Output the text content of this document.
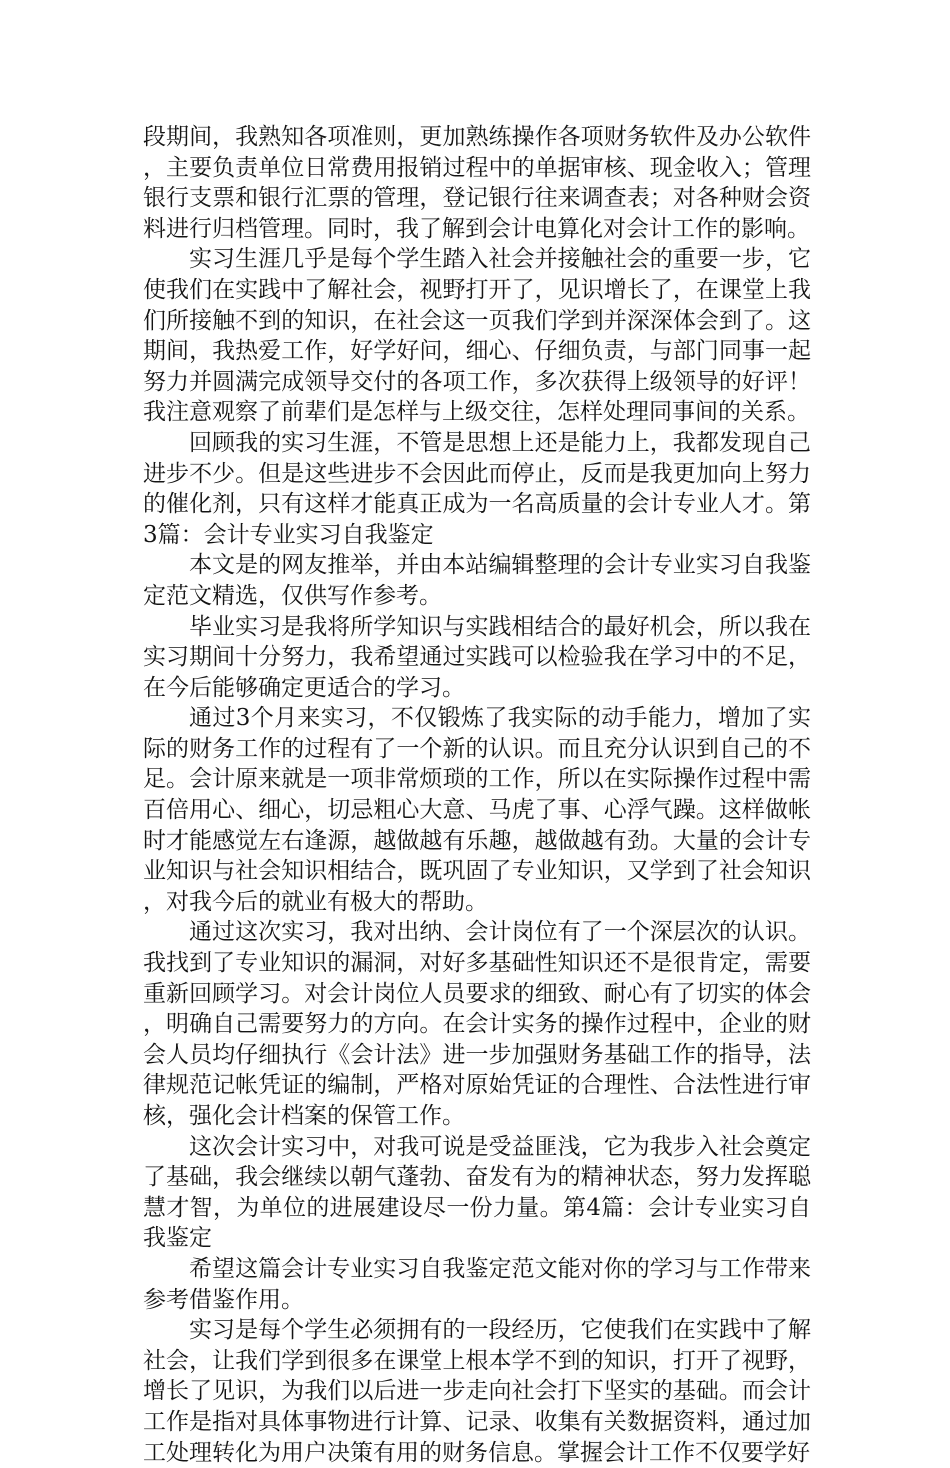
段期间，我熟知各项准则，更加熟练操作各项财务软件及办公软件，主要负责单位日常费用报销过程中的单据审核、现金收入；管理银行支票和银行汇票的管理，登记银行往来调查表；对各种财会资料进行归档管理。同时，我了解到会计电算化对会计工作的影响。

实习生涯几乎是每个学生踏入社会并接触社会的重要一步，它使我们在实践中了解社会，视野打开了，见识增长了，在课堂上我们所接触不到的知识，在社会这一页我们学到并深深体会到了。这期间，我热爱工作，好学好问，细心、仔细负责，与部门同事一起努力并圆满完成领导交付的各项工作，多次获得上级领导的好评！我注意观察了前辈们是怎样与上级交往，怎样处理同事间的关系。

回顾我的实习生涯，不管是思想上还是能力上，我都发现自己进步不少。但是这些进步不会因此而停止，反而是我更加向上努力的催化剂，只有这样才能真正成为一名高质量的会计专业人才。第3篇：会计专业实习自我鉴定

本文是的网友推举，并由本站编辑整理的会计专业实习自我鉴定范文精选，仅供写作参考。

毕业实习是我将所学知识与实践相结合的最好机会，所以我在实习期间十分努力，我希望通过实践可以检验我在学习中的不足，在今后能够确定更适合的学习。

通过3个月来实习，不仅锻炼了我实际的动手能力，增加了实际的财务工作的过程有了一个新的认识。而且充分认识到自己的不足。会计原来就是一项非常烦琐的工作，所以在实际操作过程中需百倍用心、细心，切忌粗心大意、马虎了事、心浮气躁。这样做帐时才能感觉左右逢源，越做越有乐趣，越做越有劲。大量的会计专业知识与社会知识相结合，既巩固了专业知识，又学到了社会知识，对我今后的就业有极大的帮助。

通过这次实习，我对出纳、会计岗位有了一个深层次的认识。我找到了专业知识的漏洞，对好多基础性知识还不是很肯定，需要重新回顾学习。对会计岗位人员要求的细致、耐心有了切实的体会，明确自己需要努力的方向。在会计实务的操作过程中，企业的财会人员均仔细执行《会计法》进一步加强财务基础工作的指导，法律规范记帐凭证的编制，严格对原始凭证的合理性、合法性进行审核，强化会计档案的保管工作。

这次会计实习中，对我可说是受益匪浅，它为我步入社会奠定了基础，我会继续以朝气蓬勃、奋发有为的精神状态，努力发挥聪慧才智，为单位的进展建设尽一份力量。第4篇：会计专业实习自我鉴定

希望这篇会计专业实习自我鉴定范文能对你的学习与工作带来参考借鉴作用。

实习是每个学生必须拥有的一段经历，它使我们在实践中了解社会，让我们学到很多在课堂上根本学不到的知识，打开了视野，增长了见识，为我们以后进一步走向社会打下坚实的基础。而会计工作是指对具体事物进行计算、记录、收集有关数据资料，通过加工处理转化为用户决策有用的财务信息。掌握会计工作不仅要学好
